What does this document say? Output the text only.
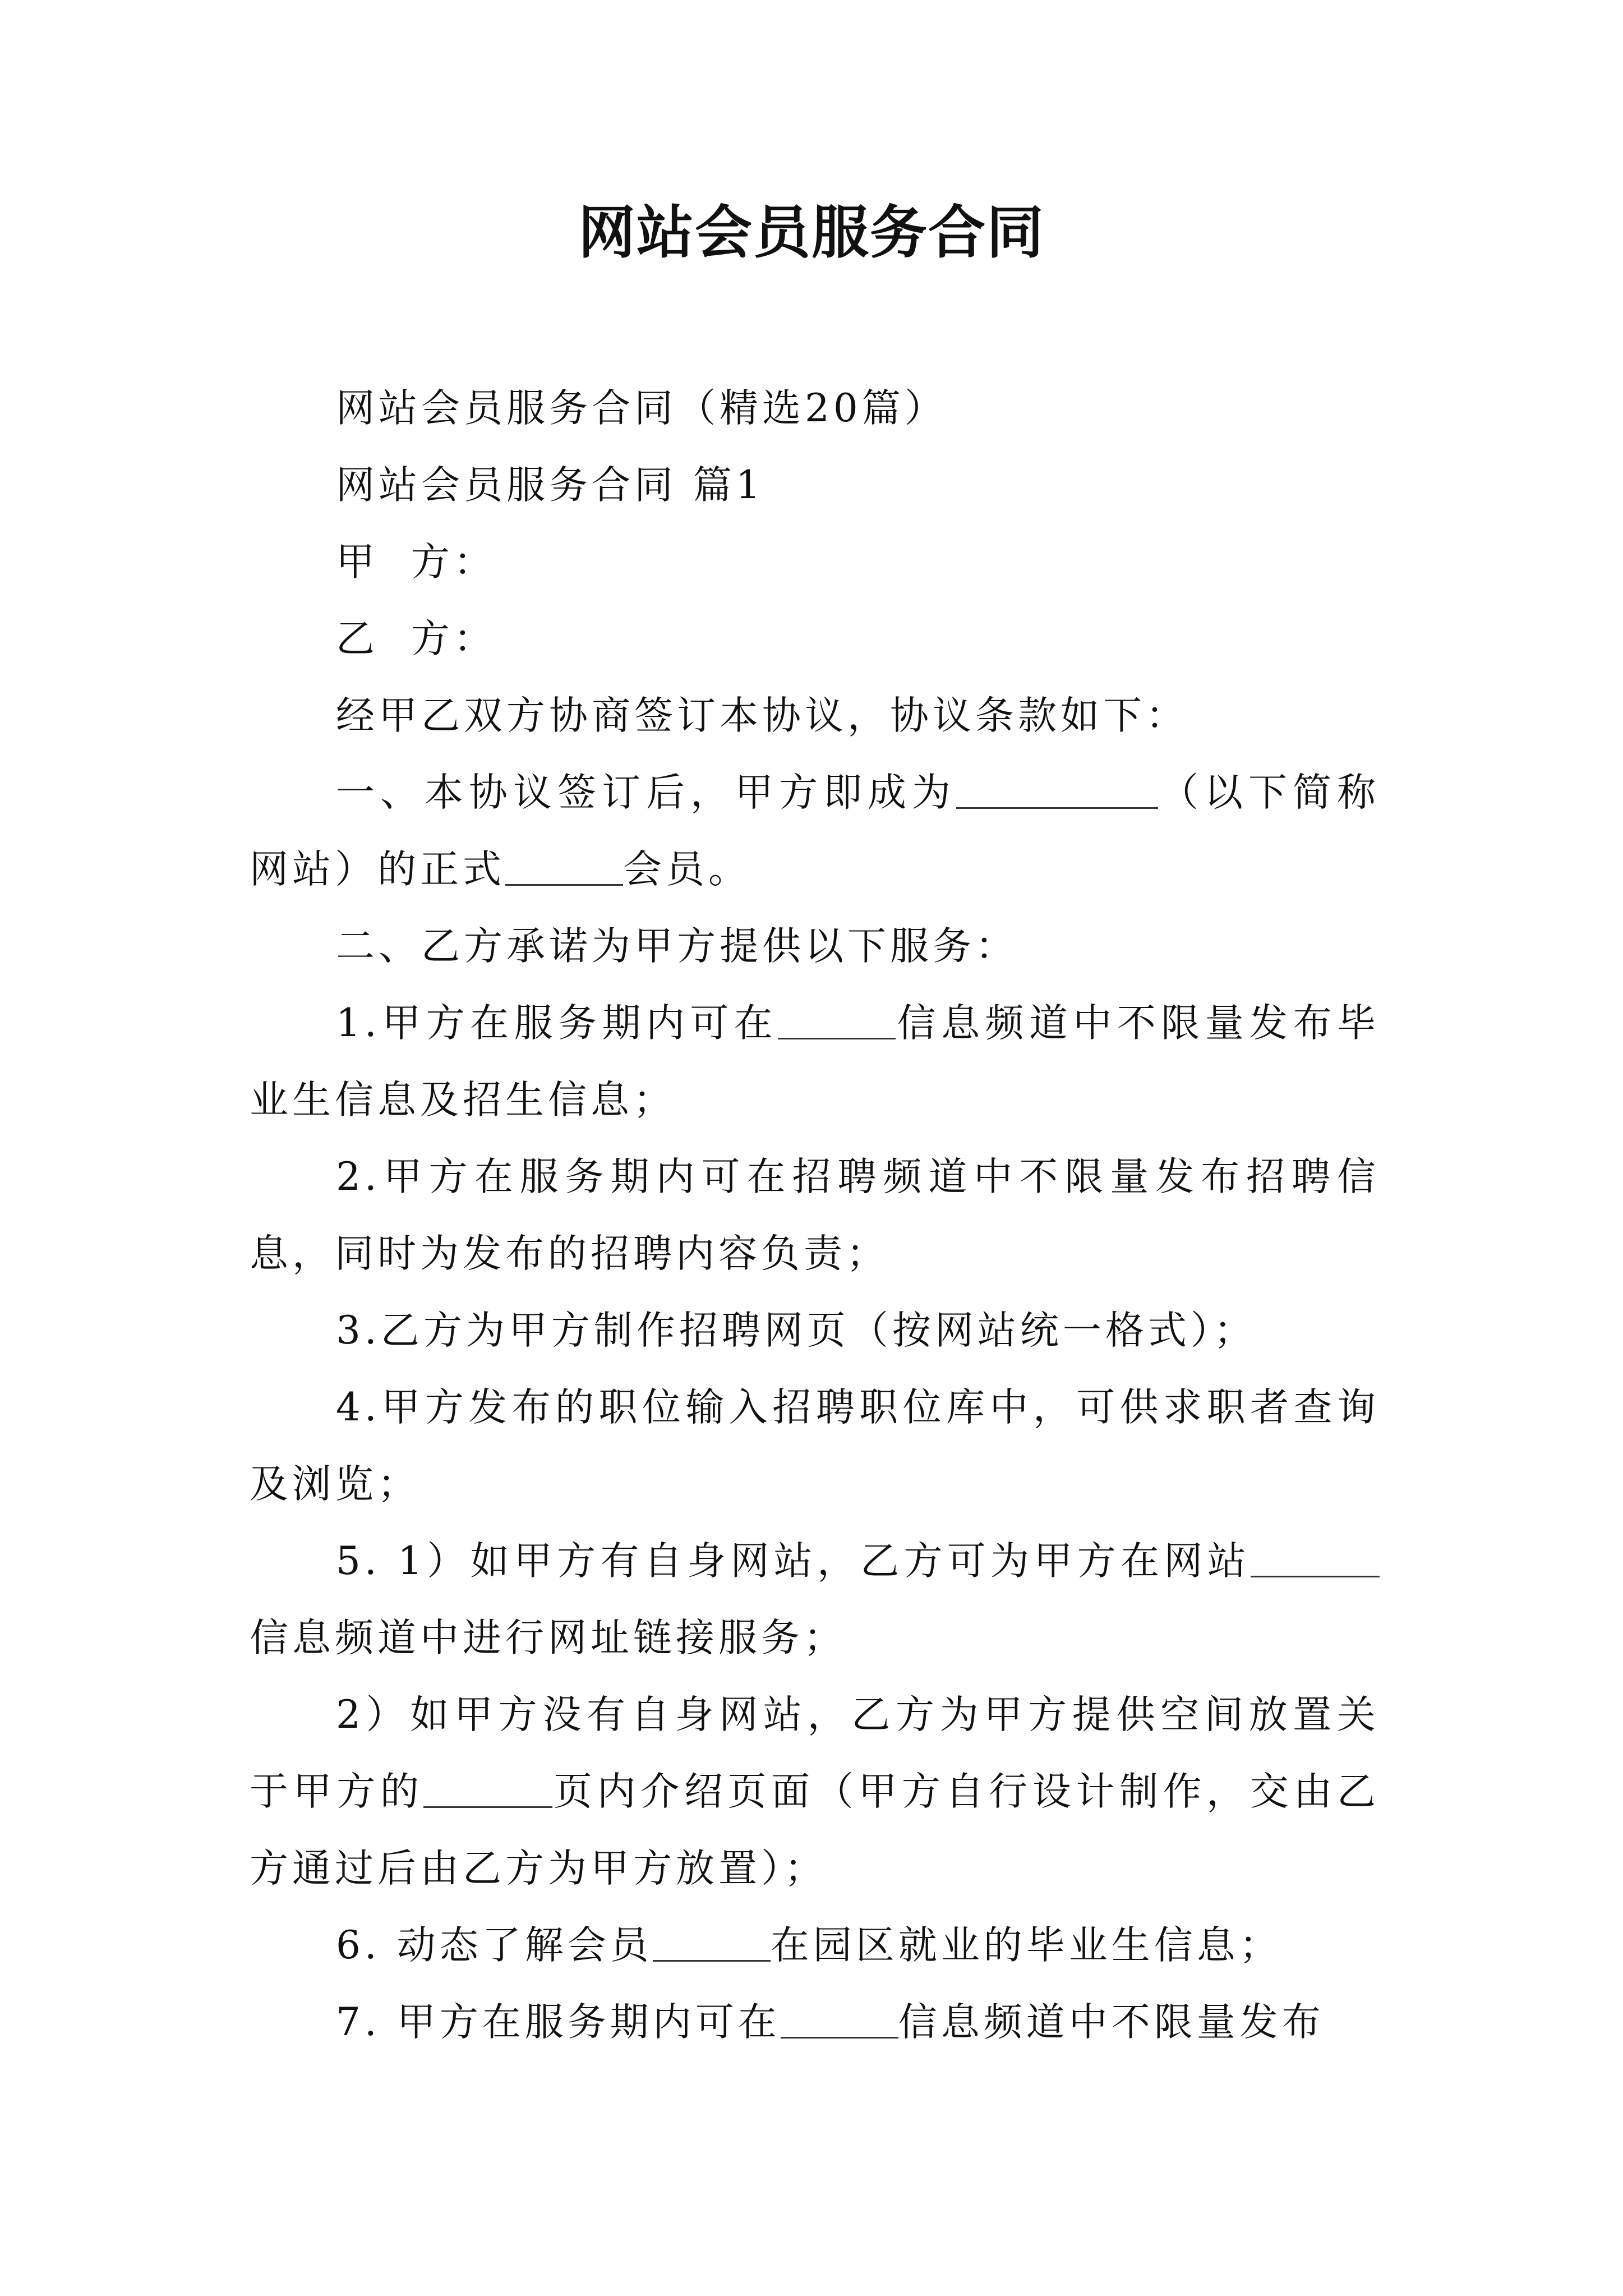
网站会员服务合同

网站会员服务合同（精选20篇）

网站会员服务合同 篇1

甲  方：

乙  方：

经甲乙双方协商签订本协议，协议条款如下：

一、本协议签订后，甲方即成为	（以下简称网站）的正式	会员。

二、乙方承诺为甲方提供以下服务：

1.甲方在服务期内可在	信息频道中不限量发布毕业生信息及招生信息；

2.甲方在服务期内可在招聘频道中不限量发布招聘信息，同时为发布的招聘内容负责；

3.乙方为甲方制作招聘网页（按网站统一格式）；

4.甲方发布的职位输入招聘职位库中，可供求职者查询及浏览；

5. 1）如甲方有自身网站，乙方可为甲方在网站信息频道中进行网址链接服务；

2）如甲方没有自身网站，乙方为甲方提供空间放置关于甲方的	页内介绍页面（甲方自行设计制作，交由乙方通过后由乙方为甲方放置）；

6. 动态了解会员	在园区就业的毕业生信息；

7. 甲方在服务期内可在	信息频道中不限量发布
